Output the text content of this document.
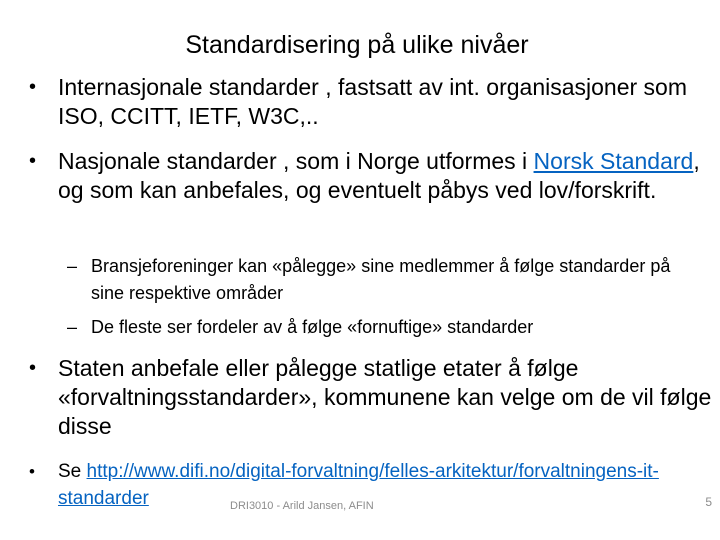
Standardisering på ulike nivåer
• Internasjonale standarder , fastsatt av int. organisasjoner som ISO, CCITT, IETF, W3C,..
• Nasjonale standarder , som i Norge utformes i Norsk Standard, og som kan anbefales, og eventuelt påbys ved lov/forskrift.
– Bransjeforeninger kan «pålegge» sine medlemmer å følge standarder på sine respektive områder
– De fleste ser fordeler av å følge «fornuftige» standarder
• Staten anbefale eller pålegge statlige etater å følge «forvaltningsstandarder», kommunene kan velge om de vil følge disse
• Se http://www.difi.no/digital-forvaltning/felles-arkitektur/forvaltningens-it-standarder	DRI3010 - Arild Jansen, AFIN	5
